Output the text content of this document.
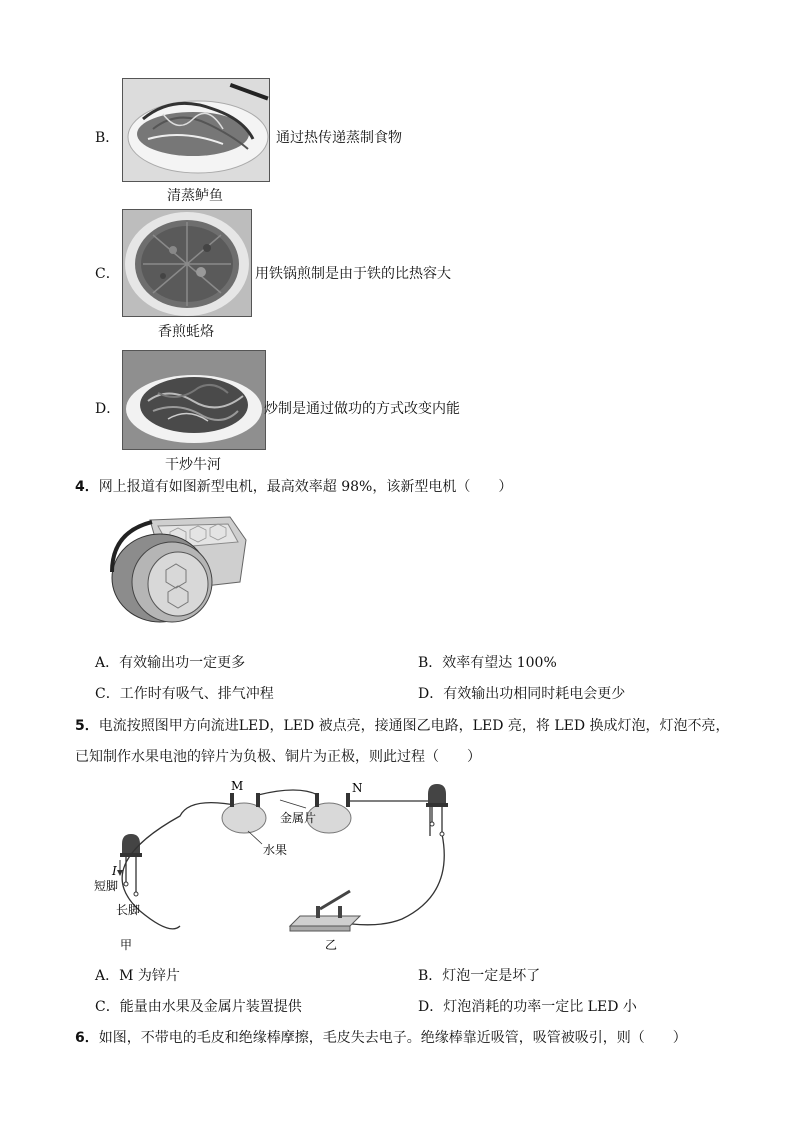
B．	通过热传递蒸制食物
清蒸鲈鱼
C．	用铁锅煎制是由于铁的比热容大
香煎蚝烙
D．	炒制是通过做功的方式改变内能
干炒牛河
4．网上报道有如图新型电机，最高效率超 98%，该新型电机（　　）
A．有效输出功一定更多	B．效率有望达 100%
C．工作时有吸气、排气冲程	D．有效输出功相同时耗电会更少
5．电流按照图甲方向流进LED，LED 被点亮，接通图乙电路，LED 亮，将 LED 换成灯泡，灯泡不亮，
已知制作水果电池的锌片为负极、铜片为正极，则此过程（　　）
M	N
金属片
水果
I
短脚
长脚
甲	乙
A．M 为锌片	B．灯泡一定是坏了
C．能量由水果及金属片装置提供	D．灯泡消耗的功率一定比 LED 小
6．如图，不带电的毛皮和绝缘棒摩擦，毛皮失去电子。绝缘棒靠近吸管，吸管被吸引，则（　　）
